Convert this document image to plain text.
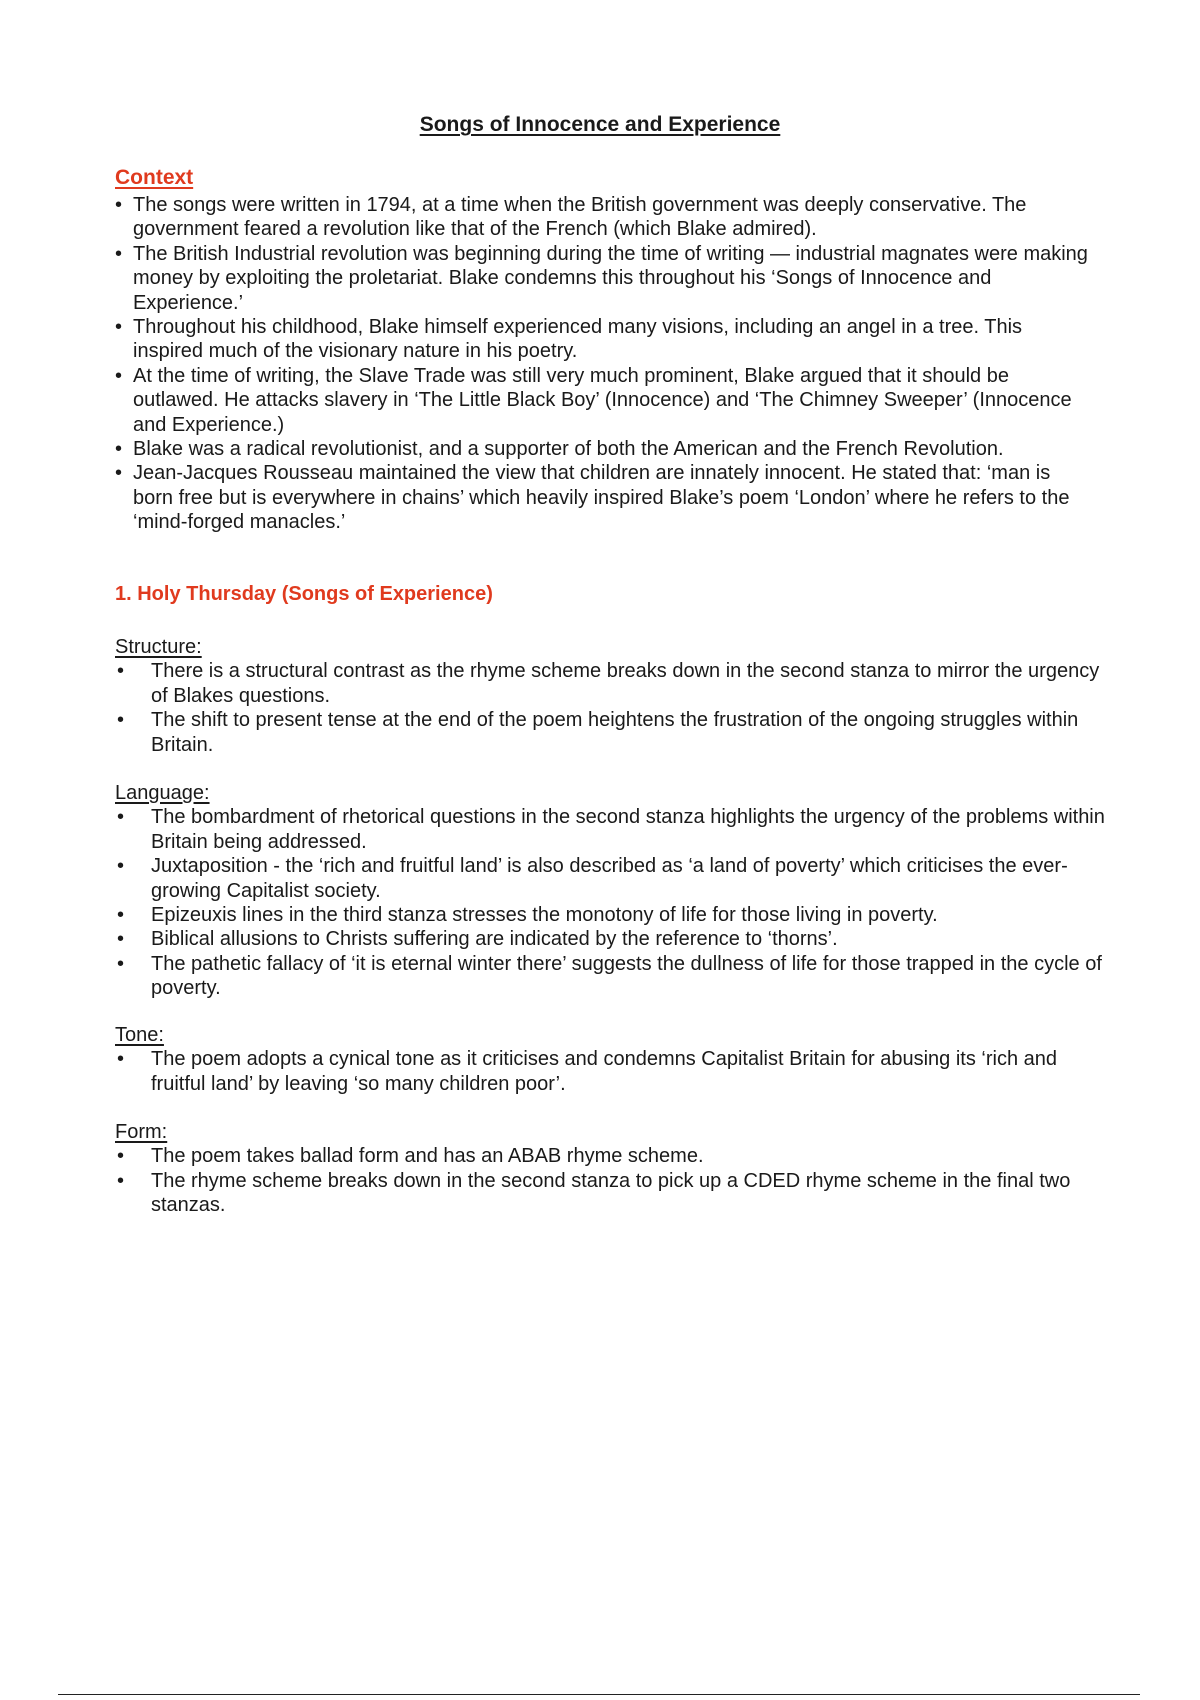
Songs of Innocence and Experience
Context
• The songs were written in 1794, at a time when the British government was deeply conservative. The government feared a revolution like that of the French (which Blake admired).
• The British Industrial revolution was beginning during the time of writing — industrial magnates were making money by exploiting the proletariat. Blake condemns this throughout his ‘Songs of Innocence and Experience.’
• Throughout his childhood, Blake himself experienced many visions, including an angel in a tree. This inspired much of the visionary nature in his poetry.
• At the time of writing, the Slave Trade was still very much prominent, Blake argued that it should be outlawed. He attacks slavery in ‘The Little Black Boy’ (Innocence) and ‘The Chimney Sweeper’ (Innocence and Experience.)
• Blake was a radical revolutionist, and a supporter of both the American and the French Revolution.
• Jean-Jacques Rousseau maintained the view that children are innately innocent. He stated that: ‘man is born free but is everywhere in chains’ which heavily inspired Blake’s poem ‘London’ where he refers to the ‘mind-forged manacles.’
1. Holy Thursday (Songs of Experience)
Structure:
• There is a structural contrast as the rhyme scheme breaks down in the second stanza to mirror the urgency of Blakes questions.
• The shift to present tense at the end of the poem heightens the frustration of the ongoing struggles within Britain.
Language:
• The bombardment of rhetorical questions in the second stanza highlights the urgency of the problems within Britain being addressed.
• Juxtaposition - the ‘rich and fruitful land’ is also described as ‘a land of poverty’ which criticises the ever-growing Capitalist society.
• Epizeuxis lines in the third stanza stresses the monotony of life for those living in poverty.
• Biblical allusions to Christs suffering are indicated by the reference to ‘thorns’.
• The pathetic fallacy of ‘it is eternal winter there’ suggests the dullness of life for those trapped in the cycle of poverty.
Tone:
• The poem adopts a cynical tone as it criticises and condemns Capitalist Britain for abusing its ‘rich and fruitful land’ by leaving ‘so many children poor’.
Form:
• The poem takes ballad form and has an ABAB rhyme scheme.
• The rhyme scheme breaks down in the second stanza to pick up a CDED rhyme scheme in the final two stanzas.
